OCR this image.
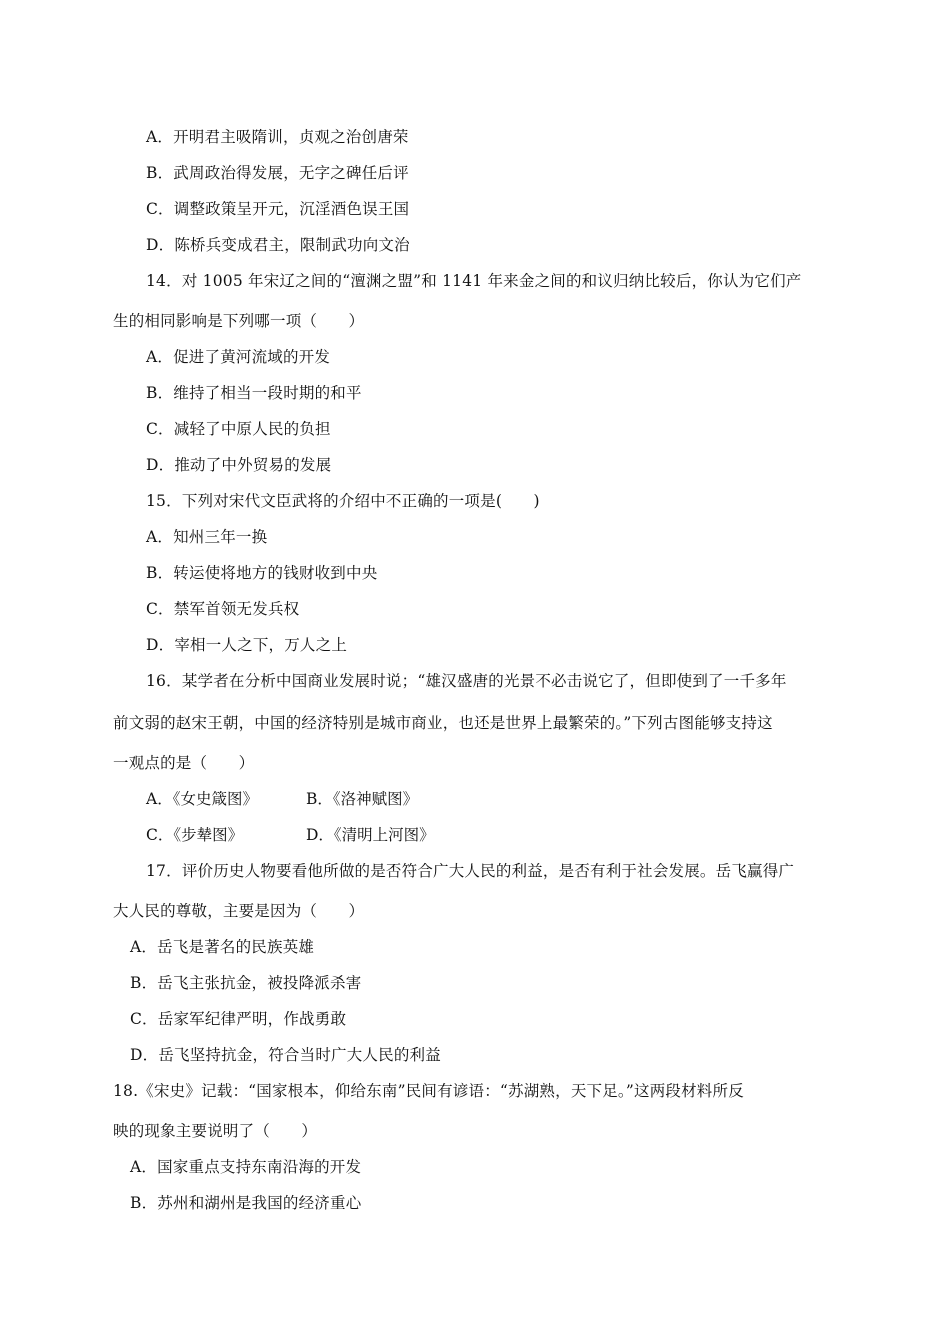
A．开明君主吸隋训，贞观之治创唐荣
B．武周政治得发展，无字之碑任后评
C．调整政策呈开元，沉淫酒色误王国
D．陈桥兵变成君主，限制武功向文治
14．对 1005 年宋辽之间的“澶渊之盟”和 1141 年来金之间的和议归纳比较后，你认为它们产
生的相同影响是下列哪一项（　　）
A．促进了黄河流域的开发
B．维持了相当一段时期的和平
C．减轻了中原人民的负担
D．推动了中外贸易的发展
15．下列对宋代文臣武将的介绍中不正确的一项是(　　)
A．知州三年一换
B．转运使将地方的钱财收到中央
C．禁军首领无发兵权
D．宰相一人之下，万人之上
16．某学者在分析中国商业发展时说；“雄汉盛唐的光景不必击说它了，但即使到了一千多年
前文弱的赵宋王朝，中国的经济特别是城市商业，也还是世界上最繁荣的。”下列古图能够支持这
一观点的是（　　）
A．《女史箴图》	B．《洛神赋图》
C．《步辇图》	D．《清明上河图》
17．评价历史人物要看他所做的是否符合广大人民的利益，是否有利于社会发展。岳飞赢得广
大人民的尊敬，主要是因为（　　）
A．岳飞是著名的民族英雄
B．岳飞主张抗金，被投降派杀害
C．岳家军纪律严明，作战勇敢
D．岳飞坚持抗金，符合当时广大人民的利益
18.《宋史》记载：“国家根本，仰给东南”民间有谚语：“苏湖熟，天下足。”这两段材料所反
映的现象主要说明了（　　）
A．国家重点支持东南沿海的开发
B．苏州和湖州是我国的经济重心
